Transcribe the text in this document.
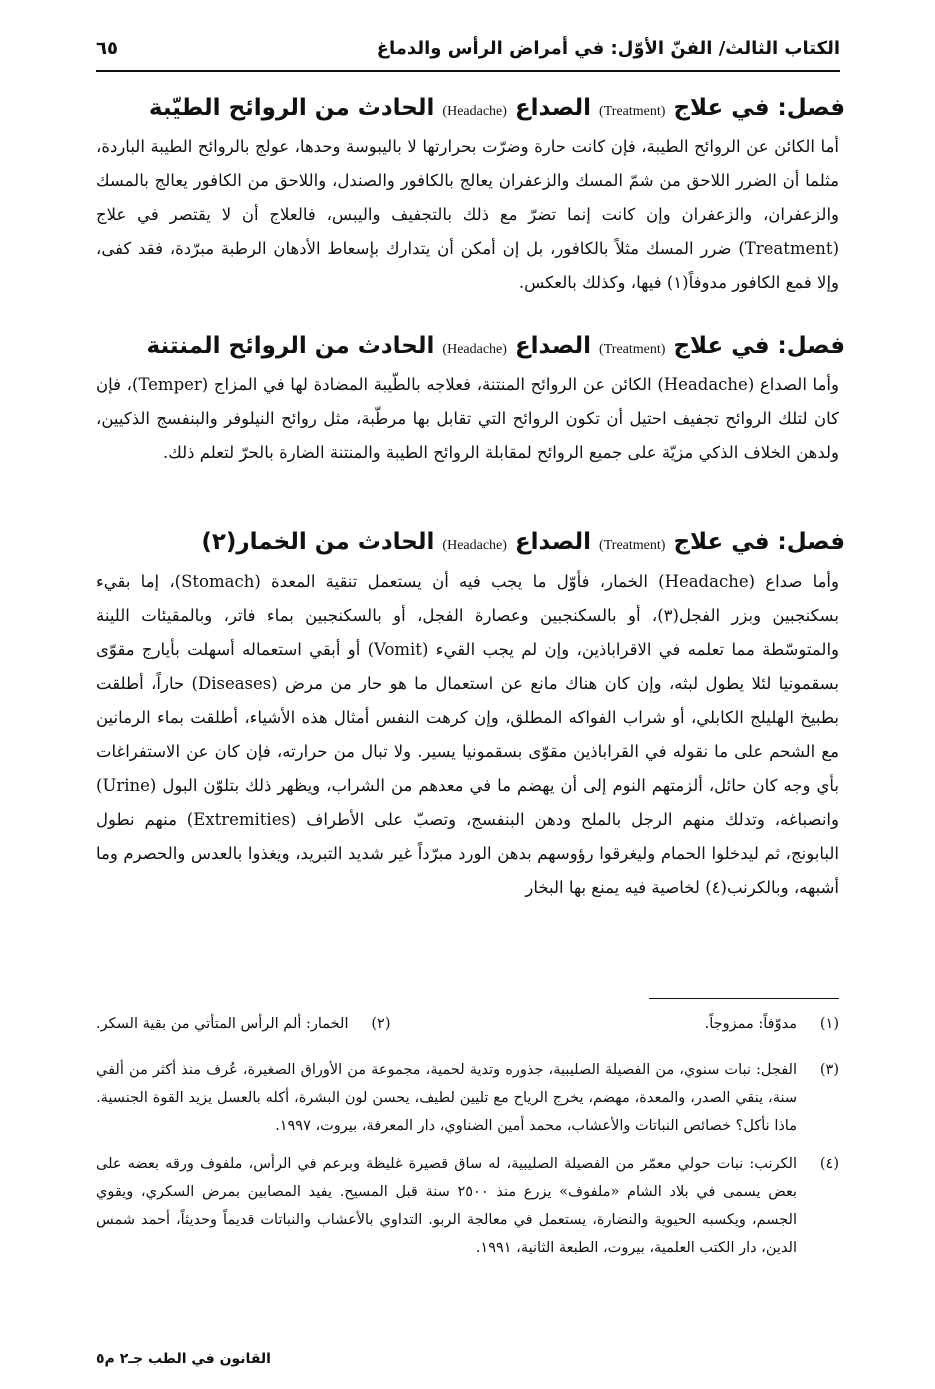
الكتاب الثالث/ الفنّ الأوّل: في أمراض الرأس والدماغ
٦٥
فصل: في علاج (Treatment) الصداع (Headache) الحادث من الروائح الطيّبة
أما الكائن عن الروائح الطيبة، فإن كانت حارة وضرّت بحرارتها لا باليبوسة وحدها، عولج بالروائح الطيبة الباردة، مثلما أن الضرر اللاحق من شمّ المسك والزعفران يعالج بالكافور والصندل، واللاحق من الكافور يعالج بالمسك والزعفران، والزعفران وإن كانت إنما تضرّ مع ذلك بالتجفيف واليبس، فالعلاج أن لا يقتصر في علاج (Treatment) ضرر المسك مثلاً بالكافور، بل إن أمكن أن يتدارك بإسعاط الأدهان الرطبة مبرّدة، فقد كفى، وإلا فمع الكافور مدوفاً(١) فيها، وكذلك بالعكس.
فصل: في علاج (Treatment) الصداع (Headache) الحادث من الروائح المنتنة
وأما الصداع (Headache) الكائن عن الروائح المنتنة، فعلاجه بالطّيبة المضادة لها في المزاج (Temper)، فإن كان لتلك الروائح تجفيف احتيل أن تكون الروائح التي تقابل بها مرطّبة، مثل روائح النيلوفر والبنفسج الذكيين، ولدهن الخلاف الذكي مزيّة على جميع الروائح لمقابلة الروائح الطيبة والمنتنة الضارة بالحرّ لتعلم ذلك.
فصل: في علاج (Treatment) الصداع (Headache) الحادث من الخمار(٢)
وأما صداع (Headache) الخمار، فأوّل ما يجب فيه أن يستعمل تنقية المعدة (Stomach)، إما بقيء بسكنجبين وبزر الفجل(٣)، أو بالسكنجبين وعصارة الفجل، أو بالسكنجبين بماء فاتر، وبالمقيئات اللينة والمتوسّطة مما تعلمه في الاقراباذين، وإن لم يجب القيء (Vomit) أو أبقي استعماله أسهلت بأيارج مقوّى بسقمونيا لئلا يطول لبثه، وإن كان هناك مانع عن استعمال ما هو حار من مرض (Diseases) حاراً، أطلقت بطبيخ الهليلج الكابلي، أو شراب الفواكه المطلق، وإن كرهت النفس أمثال هذه الأشياء، أطلقت بماء الرمانين مع الشحم على ما نقوله في القراباذين مقوّى بسقمونيا يسير. ولا تبال من حرارته، فإن كان عن الاستفراغات بأي وجه كان حائل، ألزمتهم النوم إلى أن يهضم ما في معدهم من الشراب، ويظهر ذلك بتلوّن البول (Urine) وانصباغه، وتدلك منهم الرجل بالملح ودهن البنفسج، وتصبّ على الأطراف (Extremities) منهم نطول البابونج، ثم ليدخلوا الحمام وليغرقوا رؤوسهم بدهن الورد مبرّداً غير شديد التبريد، ويغذوا بالعدس والحصرم وما أشبهه، وبالكرنب(٤) لخاصية فيه يمنع بها البخار
(١)
مدوّفاً: ممزوجاً.
(٢)
الخمار: ألم الرأس المتأتي من بقية السكر.
(٣)
الفجل: نبات سنوي، من الفصيلة الصليبية، جذوره وتدية لحمية، مجموعة من الأوراق الصغيرة، عُرف منذ أكثر من ألفي سنة، ينقي الصدر، والمعدة، مهضم، يخرج الرياح مع تليين لطيف، يحسن لون البشرة، أكله بالعسل يزيد القوة الجنسية. ماذا نأكل؟ خصائص النباتات والأعشاب، محمد أمين الضناوي، دار المعرفة، بيروت، ١٩٩٧.
(٤)
الكرنب: نبات حولي معمّر من الفصيلة الصليبية، له ساق قصيرة غليظة وبرعم في الرأس، ملفوف ورقه بعضه على بعض يسمى في بلاد الشام «ملفوف» يزرع منذ ٢٥٠٠ سنة قبل المسيح. يفيد المصابين بمرض السكري، ويقوي الجسم، ويكسبه الحيوية والنضارة، يستعمل في معالجة الربو. التداوي بالأعشاب والنباتات قديماً وحديثاً، أحمد شمس الدين، دار الكتب العلمية، بيروت، الطبعة الثانية، ١٩٩١.
القانون في الطب جـ٢ م٥
